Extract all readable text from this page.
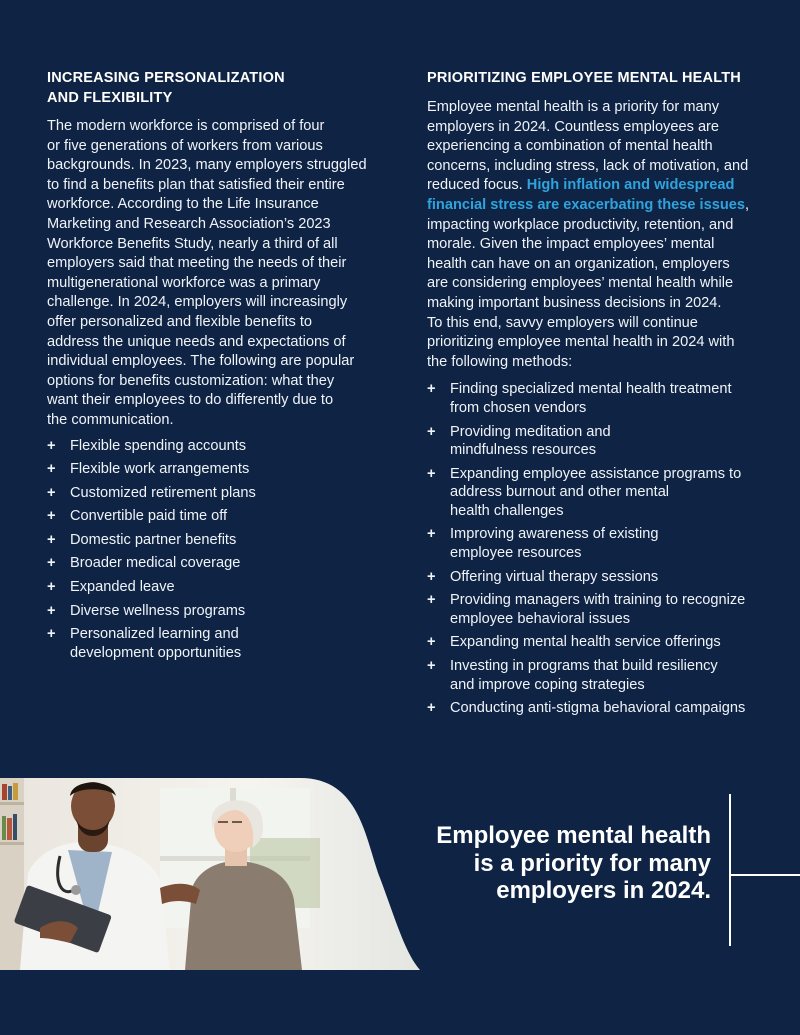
INCREASING PERSONALIZATION
AND FLEXIBILITY

The modern workforce is comprised of four
or five generations of workers from various
backgrounds. In 2023, many employers struggled
to find a benefits plan that satisfied their entire
workforce. According to the Life Insurance
Marketing and Research Association’s 2023
Workforce Benefits Study, nearly a third of all
employers said that meeting the needs of their
multigenerational workforce was a primary
challenge. In 2024, employers will increasingly
offer personalized and flexible benefits to
address the unique needs and expectations of
individual employees. The following are popular
options for benefits customization: what they
want their employees to do differently due to
the communication.

+ Flexible spending accounts
+ Flexible work arrangements
+ Customized retirement plans
+ Convertible paid time off
+ Domestic partner benefits
+ Broader medical coverage
+ Expanded leave
+ Diverse wellness programs
+ Personalized learning and
development opportunities
PRIORITIZING EMPLOYEE MENTAL HEALTH

Employee mental health is a priority for many
employers in 2024. Countless employees are
experiencing a combination of mental health
concerns, including stress, lack of motivation, and
reduced focus. High inflation and widespread
financial stress are exacerbating these issues,
impacting workplace productivity, retention, and
morale. Given the impact employees’ mental
health can have on an organization, employers
are considering employees’ mental health while
making important business decisions in 2024.
To this end, savvy employers will continue
prioritizing employee mental health in 2024 with
the following methods:

+ Finding specialized mental health treatment
from chosen vendors
+ Providing meditation and
mindfulness resources
+ Expanding employee assistance programs to
address burnout and other mental
health challenges
+ Improving awareness of existing
employee resources
+ Offering virtual therapy sessions
+ Providing managers with training to recognize
employee behavioral issues
+ Expanding mental health service offerings
+ Investing in programs that build resiliency
and improve coping strategies
+ Conducting anti-stigma behavioral campaigns
Employee mental health
is a priority for many
employers in 2024.
